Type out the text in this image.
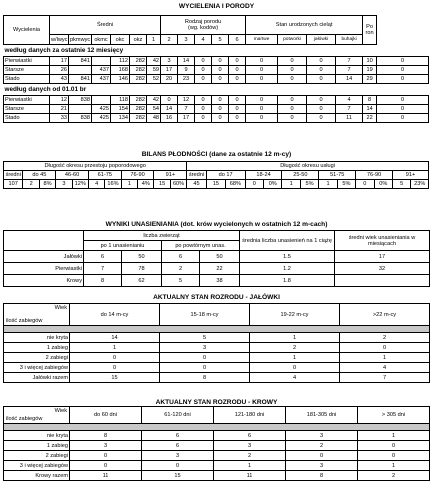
WYCIELENIA I PORODY
Wycielenia	Średni						Rodzaj porodu
(wg. kodów)					Stan urodzonych cieląt				Po ron	
	w/lwyc	pkmwyc	okmc	okc	okz	1	2	3	4	5	6	martwe	potworki	jałówki	buhajki		
według danych za ostatnie 12 miesięcy																	
Pierwiastki	17	841		112	282	42	3	14	0	0	0	0	0	0	7	10	0
Starsze	26		437	168	282	59	17	9	0	0	0	0	0	0	7	19	0
Stado	43	841	437	146	282	52	20	23	0	0	0	0	0	0	14	29	0
według danych od 01.01 br																	
Pierwiastki	12	838		118	282	42	0	12	0	0	0	0	0	0	4	8	0
Starsze	21		425	154	282	54	14	7	0	0	0	0	0	0	7	14	0
Stado	33	838	425	134	282	48	16	17	0	0	0	0	0	0	11	22	0
BILANS PŁODNOŚCI (dane za ostatnie 12 m-cy)
Długość okresu przestoju poporodowego											Długość okresu usługi												
średni	do 45		46-60		61-75		76-90		91+		średni	do 17		18-24		25-50		51-75		76-90		91+	
107	2	8%	3	12%	4	16%	1	4%	15	60%	45	15	68%	0	0%	1	5%	1	5%	0	0%	5	23%
WYNIKI UNASIENIANIA (dot. krów wycielonych w ostatnich 12 m-cach)
	liczba zwierząt				średnia liczba unasienień na 1 ciążę	średni wiek unasieniania w miesiącach
	po 1 unasienianiu		po powtórnym unas.			
Jałówki	6	50	6	50	1.5	17
Pierwiastki	7	78	2	22	1.2	32
Krowy	8	62	5	38	1.8	
AKTUALNY STAN ROZRODU - JAŁÓWKI
Wiek
ilość zabiegów	do 14 m-cy	15-18 m-cy	19-22 m-cy	>22 m-cy

nie kryta	14	5	1	2
1 zabieg	1	3	2	0
2 zabiegi	0	0	1	1
3 i więcej zabiegów	0	0	0	4
Jałówki razem	15	8	4	7
AKTUALNY STAN ROZRODU - KROWY
Wiek
ilość zabiegów	do 60 dni	61-120 dni	121-180 dni	181-305 dni	> 305 dni

nie kryta	8	6	6	3	1
1 zabieg	3	6	3	2	0
2 zabiegi	0	3	2	0	0
3 i więcej zabiegów	0	0	1	3	1
Krowy razem	11	15	11	8	2
